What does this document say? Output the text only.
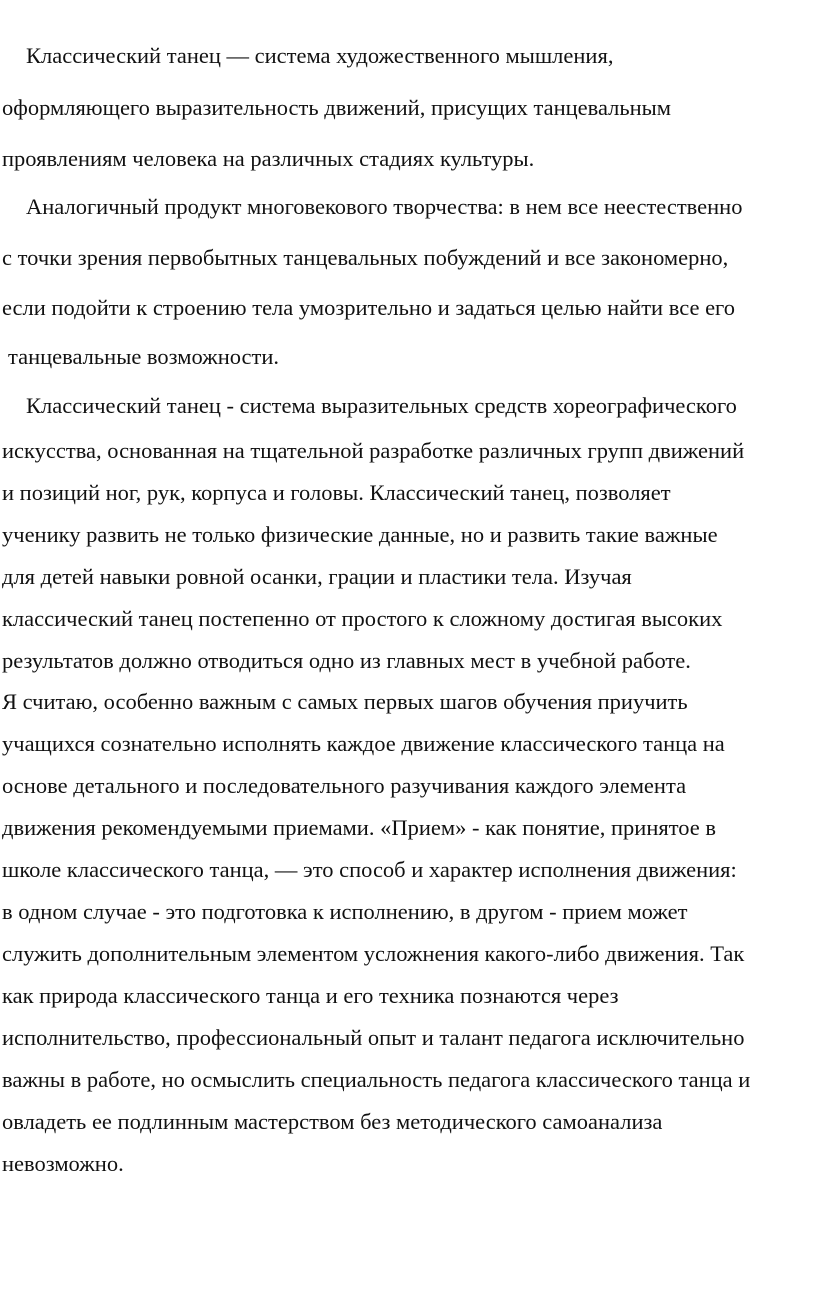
Классический танец — система художественного мышления,
оформляющего выразительность движений, присущих танцевальным
проявлениям человека на различных стадиях культуры.
Аналогичный продукт многовекового творчества: в нем все неестественно
с точки зрения первобытных танцевальных побуждений и все закономерно,
если подойти к строению тела умозрительно и задаться целью найти все его
танцевальные возможности.
Классический танец - система выразительных средств хореографического
искусства, основанная на тщательной разработке различных групп движений
и позиций ног, рук, корпуса и головы. Классический танец, позволяет
ученику развить не только физические данные, но и развить такие важные
для детей навыки ровной осанки, грации и пластики тела. Изучая
классический танец постепенно от простого к сложному достигая высоких
результатов должно отводиться одно из главных мест в учебной работе.
Я считаю, особенно важным с самых первых шагов обучения приучить
учащихся сознательно исполнять каждое движение классического танца на
основе детального и последовательного разучивания каждого элемента
движения рекомендуемыми приемами. «Прием» - как понятие, принятое в
школе классического танца, — это способ и характер исполнения движения:
в одном случае - это подготовка к исполнению, в другом - прием может
служить дополнительным элементом усложнения какого-либо движения. Так
как природа классического танца и его техника познаются через
исполнительство, профессиональный опыт и талант педагога исключительно
важны в работе, но осмыслить специальность педагога классического танца и
овладеть ее подлинным мастерством без методического самоанализа
невозможно.
